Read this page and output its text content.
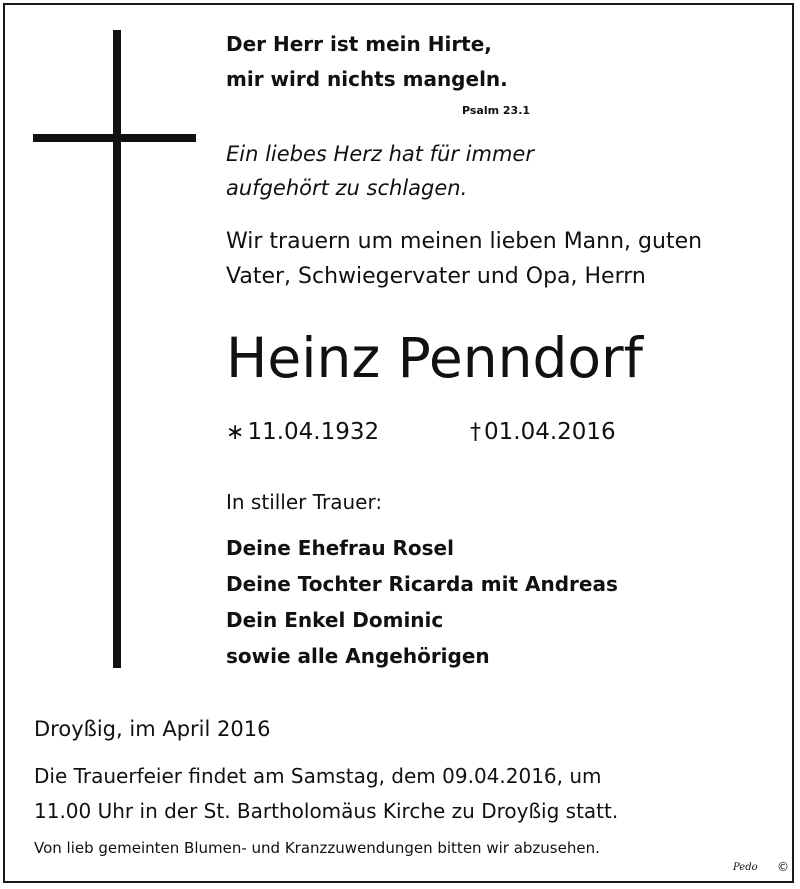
Der Herr ist mein Hirte,
mir wird nichts mangeln.
Psalm 23.1
Ein liebes Herz hat für immer
aufgehört zu schlagen.
Wir trauern um meinen lieben Mann, guten
Vater, Schwiegervater und Opa, Herrn
Heinz Penndorf
∗ 11.04.1932	† 01.04.2016
In stiller Trauer:
Deine Ehefrau Rosel
Deine Tochter Ricarda mit Andreas
Dein Enkel Dominic
sowie alle Angehörigen
Droyßig, im April 2016
Die Trauerfeier findet am Samstag, dem 09.04.2016, um
11.00 Uhr in der St. Bartholomäus Kirche zu Droyßig statt.
Von lieb gemeinten Blumen- und Kranzzuwendungen bitten wir abzusehen.
Pedo ©
